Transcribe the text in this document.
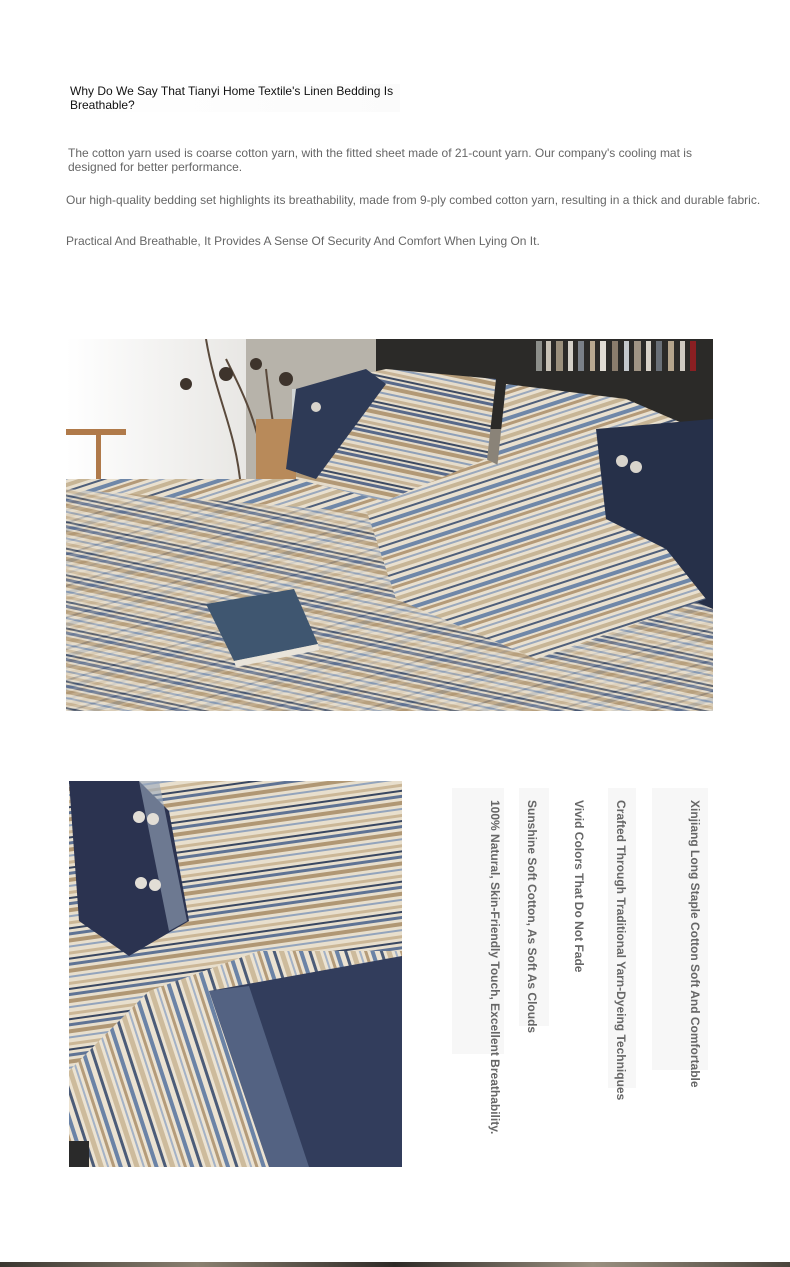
Why Do We Say That Tianyi Home Textile's Linen Bedding Is Breathable?
The cotton yarn used is coarse cotton yarn, with the fitted sheet made of 21-count yarn. Our company's cooling mat is designed for better performance.
Our high-quality bedding set highlights its breathability, made from 9-ply combed cotton yarn, resulting in a thick and durable fabric.
Practical And Breathable, It Provides A Sense Of Security And Comfort When Lying On It.
Xinjiang Long Staple Cotton Soft And Comfortable
Crafted Through Traditional Yarn-Dyeing Techniques
Vivid Colors That Do Not Fade
Sunshine Soft Cotton, As Soft As Clouds
100% Natural, Skin-Friendly Touch, Excellent Breathability.
